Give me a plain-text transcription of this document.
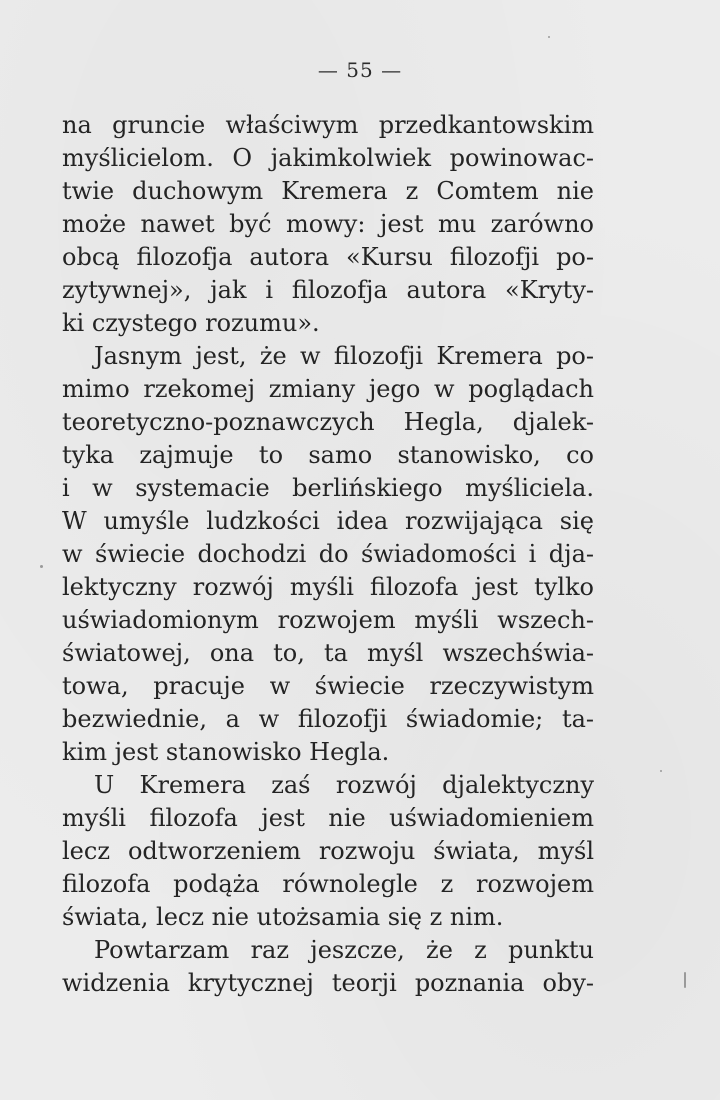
— 55 —
na gruncie właściwym przedkantowskim
myślicielom. O jakimkolwiek powinowac-
twie duchowym Kremera z Comtem nie
może nawet być mowy: jest mu zarówno
obcą filozofja autora «Kursu filozofji po-
zytywnej», jak i filozofja autora «Kryty-
ki czystego rozumu».
Jasnym jest, że w filozofji Kremera po-
mimo rzekomej zmiany jego w poglądach
teoretyczno-poznawczych Hegla, djalek-
tyka zajmuje to samo stanowisko, co
i w systemacie berlińskiego myśliciela.
W umyśle ludzkości idea rozwijająca się
w świecie dochodzi do świadomości i dja-
lektyczny rozwój myśli filozofa jest tylko
uświadomionym rozwojem myśli wszech-
światowej, ona to, ta myśl wszechświa-
towa, pracuje w świecie rzeczywistym
bezwiednie, a w filozofji świadomie; ta-
kim jest stanowisko Hegla.
U Kremera zaś rozwój djalektyczny
myśli filozofa jest nie uświadomieniem
lecz odtworzeniem rozwoju świata, myśl
filozofa podąża równolegle z rozwojem
świata, lecz nie utożsamia się z nim.
Powtarzam raz jeszcze, że z punktu
widzenia krytycznej teorji poznania oby-
